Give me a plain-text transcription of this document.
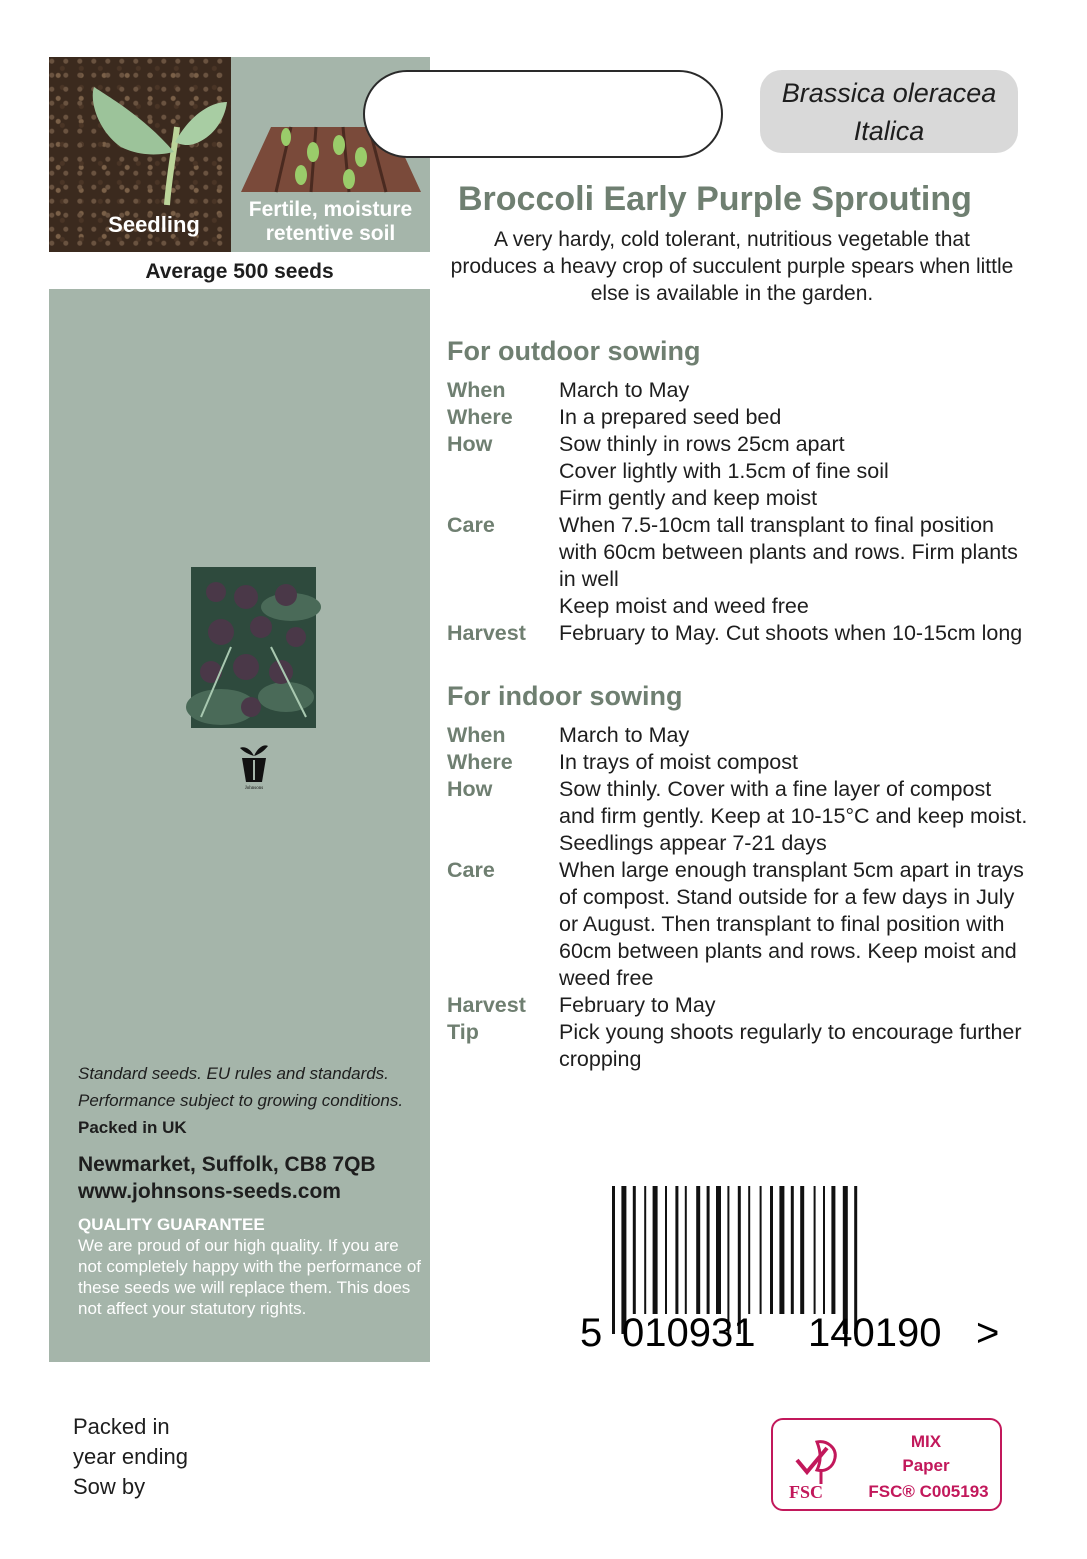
Seedling
Fertile, moisture
retentive soil
Average 500 seeds
Johnsons
Standard seeds. EU rules and standards.
Performance subject to growing conditions.
Packed in UK
Newmarket, Suffolk, CB8 7QB
www.johnsons-seeds.com
QUALITY GUARANTEE
We are proud of our high quality. If you are not completely happy with the performance of these seeds we will replace them. This does not affect your statutory rights.
Brassica oleracea
Italica
Broccoli Early Purple Sprouting
A very hardy, cold tolerant, nutritious vegetable that produces a heavy crop of succulent purple spears when little else is available in the garden.
For outdoor sowing
When	March to May
Where	In a prepared seed bed
How	Sow thinly in rows 25cm apart
Cover lightly with 1.5cm of fine soil
Firm gently and keep moist
Care	When 7.5-10cm tall transplant to final position with 60cm between plants and rows. Firm plants in well
Keep moist and weed free
Harvest	February to May. Cut shoots when 10-15cm long
For indoor sowing
When	March to May
Where	In trays of moist compost
How	Sow thinly. Cover with a fine layer of compost and firm gently. Keep at 10-15°C and keep moist. Seedlings appear 7-21 days
Care	When large enough transplant 5cm apart in trays of compost. Stand outside for a few days in July or August. Then transplant to final position with 60cm between plants and rows. Keep moist and weed free
Harvest	February to May
Tip	Pick young shoots regularly to encourage further cropping
5 010931 140190 >
Packed in
year ending
Sow by	FSC
MIX
Paper
FSC® C005193
